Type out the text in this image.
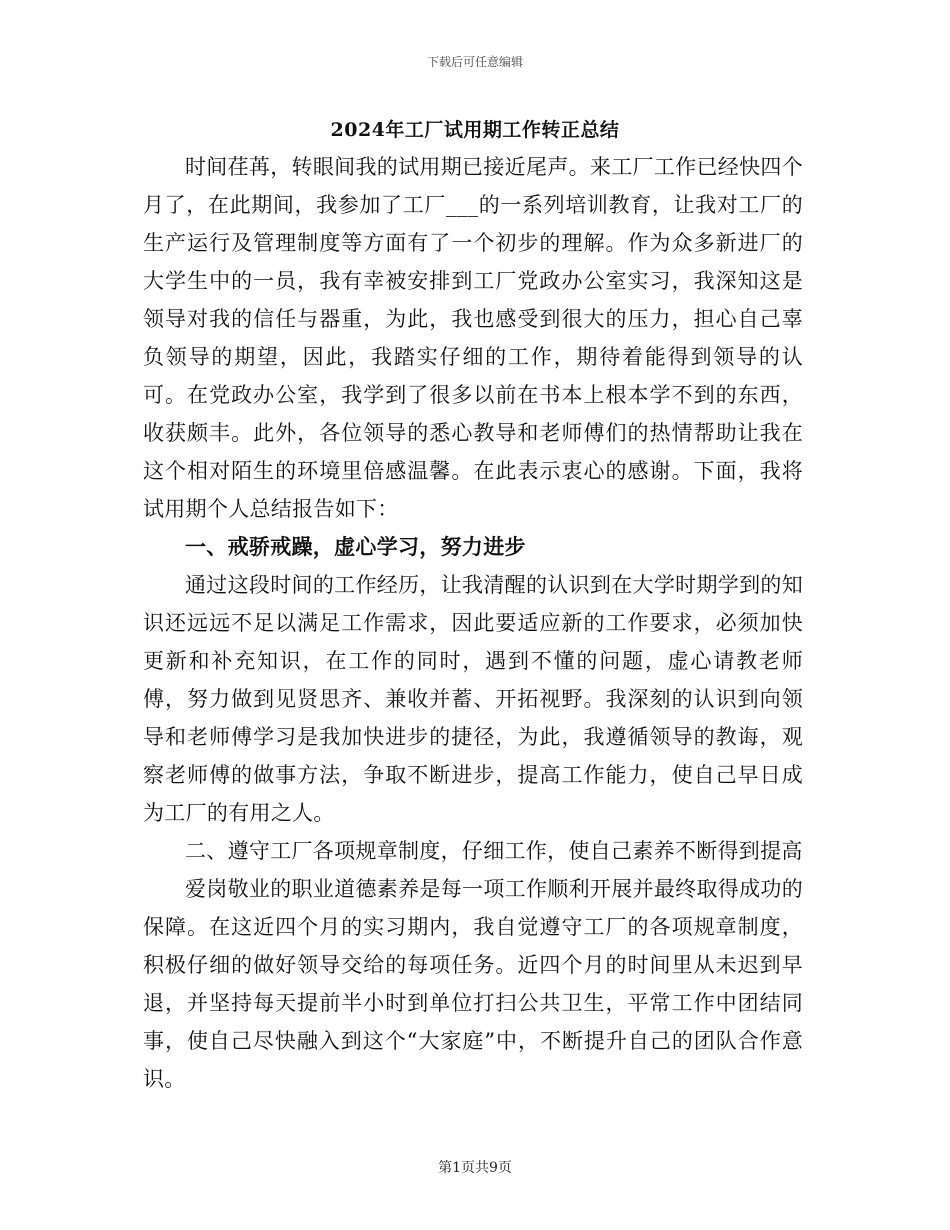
下载后可任意编辑
2024年工厂试用期工作转正总结

时间荏苒，转眼间我的试用期已接近尾声。来工厂工作已经快四个月了，在此期间，我参加了工厂___的一系列培训教育，让我对工厂的生产运行及管理制度等方面有了一个初步的理解。作为众多新进厂的大学生中的一员，我有幸被安排到工厂党政办公室实习，我深知这是领导对我的信任与器重，为此，我也感受到很大的压力，担心自己辜负领导的期望，因此，我踏实仔细的工作，期待着能得到领导的认可。在党政办公室，我学到了很多以前在书本上根本学不到的东西，收获颇丰。此外，各位领导的悉心教导和老师傅们的热情帮助让我在这个相对陌生的环境里倍感温馨。在此表示衷心的感谢。下面，我将试用期个人总结报告如下：

一、戒骄戒躁，虚心学习，努力进步

通过这段时间的工作经历，让我清醒的认识到在大学时期学到的知识还远远不足以满足工作需求，因此要适应新的工作要求，必须加快更新和补充知识，在工作的同时，遇到不懂的问题，虚心请教老师傅，努力做到见贤思齐、兼收并蓄、开拓视野。我深刻的认识到向领导和老师傅学习是我加快进步的捷径，为此，我遵循领导的教诲，观察老师傅的做事方法，争取不断进步，提高工作能力，使自己早日成为工厂的有用之人。

二、遵守工厂各项规章制度，仔细工作，使自己素养不断得到提高

爱岗敬业的职业道德素养是每一项工作顺利开展并最终取得成功的保障。在这近四个月的实习期内，我自觉遵守工厂的各项规章制度，积极仔细的做好领导交给的每项任务。近四个月的时间里从未迟到早退，并坚持每天提前半小时到单位打扫公共卫生，平常工作中团结同事，使自己尽快融入到这个“大家庭”中，不断提升自己的团队合作意识。

第1页共9页
